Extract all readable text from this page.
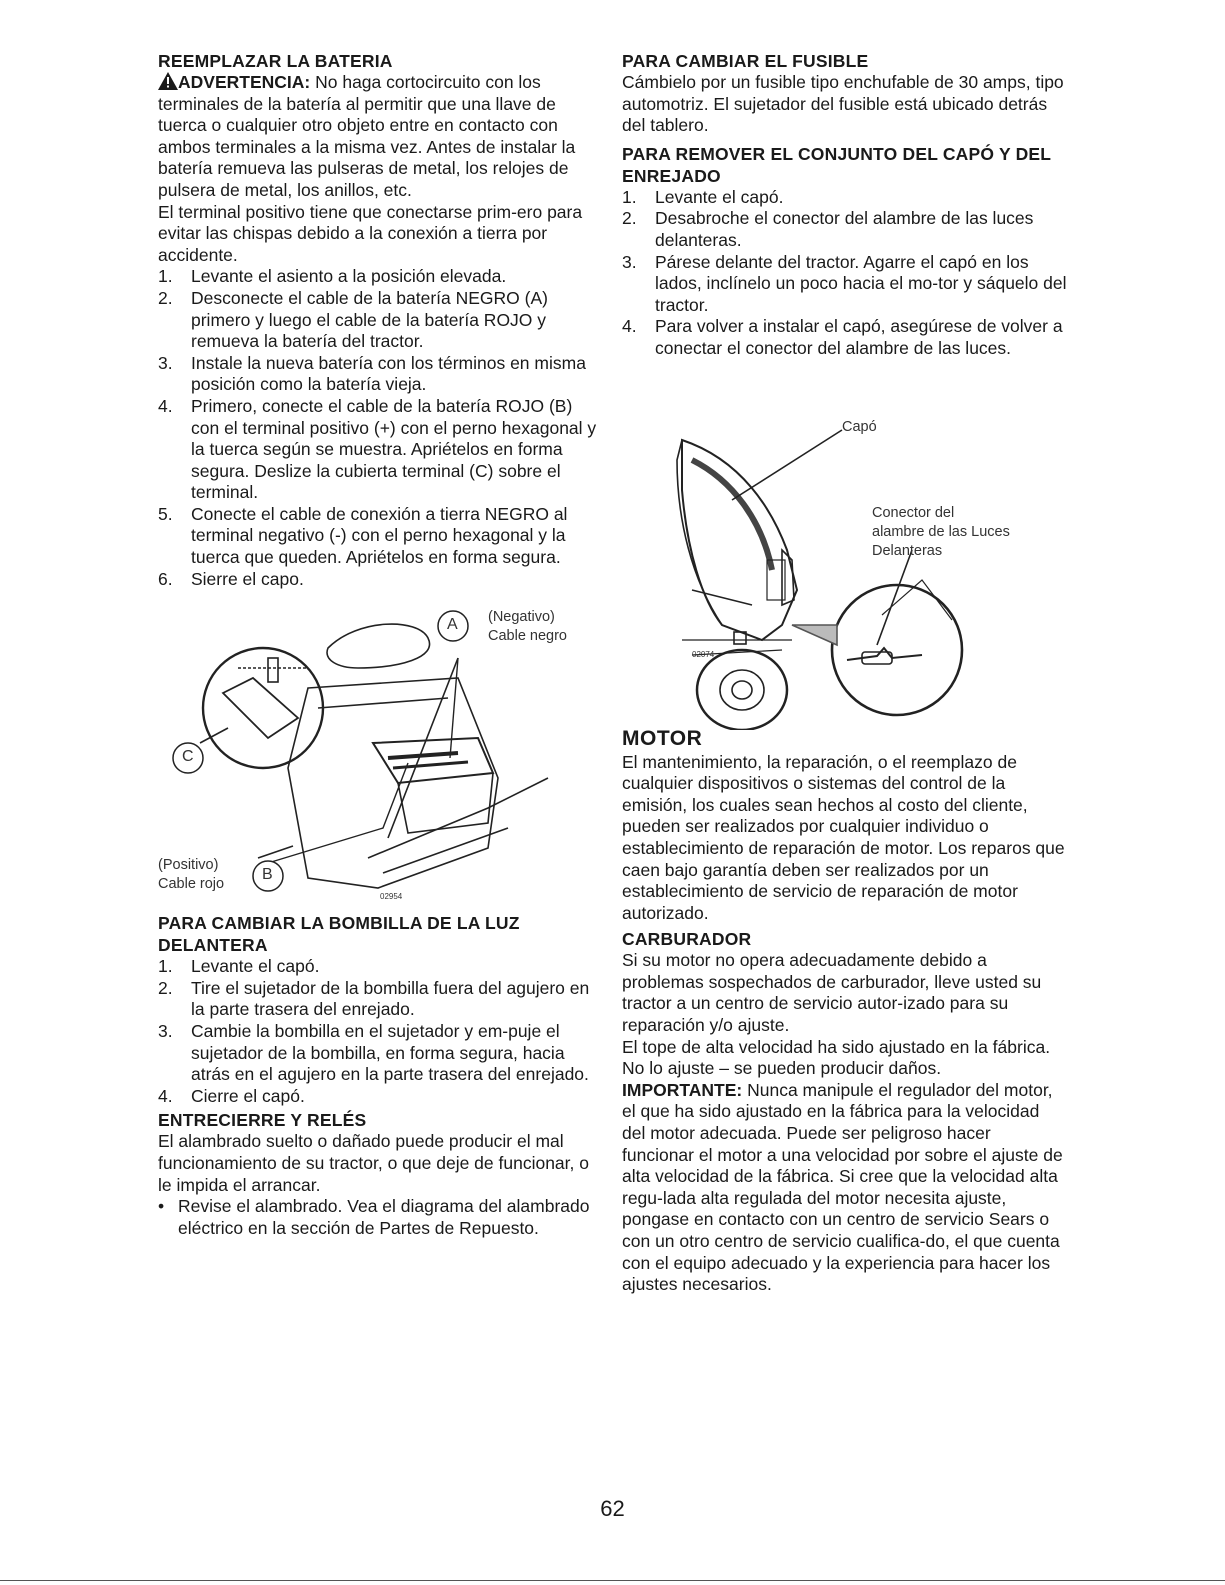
REEMPLAZAR LA BATERIA

ADVERTENCIA: No haga cortocircuito con los terminales de la batería al permitir que una llave de tuerca o cualquier otro objeto entre en contacto con ambos terminales a la misma vez. Antes de instalar la batería remueva las pulseras de metal, los relojes de pulsera de metal, los anillos, etc.

El terminal positivo tiene que conectarse prim-ero para evitar las chispas debido a la conexión a tierra por accidente.

1. Levante el asiento a la posición elevada.
2. Desconecte el cable de la batería NEGRO (A) primero y luego el cable de la batería ROJO y remueva la batería del tractor.
3. Instale la nueva batería con los términos en misma posición como la batería vieja.
4. Primero, conecte el cable de la batería ROJO (B) con el terminal positivo (+) con el perno hexagonal y la tuerca según se muestra. Apriételos en forma segura. Deslize la cubierta terminal (C) sobre el terminal.
5. Conecte el cable de conexión a tierra NEGRO al terminal negativo (-) con el perno hexagonal y la tuerca que queden. Apriételos en forma segura.
6. Sierre el capo.
A
C
B
(Negativo)
Cable negro
(Positivo)
Cable rojo
02954
PARA CAMBIAR LA BOMBILLA DE LA LUZ DELANTERA
1. Levante el capó.
2. Tire el sujetador de la bombilla fuera del agujero en la parte trasera del enrejado.
3. Cambie la bombilla en el sujetador y em-puje el sujetador de la bombilla, en forma segura, hacia atrás en el agujero en la parte trasera del enrejado.
4. Cierre el capó.
ENTRECIERRE Y RELÉS

El alambrado suelto o dañado puede producir el mal funcionamiento de su tractor, o que deje de funcionar, o le impida el arrancar.

• Revise el alambrado. Vea el diagrama del alambrado eléctrico en la sección de Partes de Repuesto.
PARA CAMBIAR EL FUSIBLE

Cámbielo por un fusible tipo enchufable de 30 amps, tipo automotriz. El sujetador del fusible está ubicado detrás del tablero.

PARA REMOVER EL CONJUNTO DEL CAPÓ Y DEL ENREJADO
1. Levante el capó.
2. Desabroche el conector del alambre de las luces delanteras.
3. Párese delante del tractor. Agarre el capó en los lados, inclínelo un poco hacia el mo-tor y sáquelo del tractor.
4. Para volver a instalar el capó, asegúrese de volver a conectar el conector del alambre de las luces.
Capó
Conector del
alambre de las Luces
Delanteras
02074
MOTOR

El mantenimiento, la reparación, o el reemplazo de cualquier dispositivos o sistemas del control de la emisión, los cuales sean hechos al costo del cliente, pueden ser realizados por cualquier individuo o establecimiento de reparación de motor. Los reparos que caen bajo garantía deben ser realizados por un establecimiento de servicio de reparación de motor autorizado.

CARBURADOR

Si su motor no opera adecuadamente debido a problemas sospechados de carburador, lleve usted su tractor a un centro de servicio autor-izado para su reparación y/o ajuste.

El tope de alta velocidad ha sido ajustado en la fábrica. No lo ajuste – se pueden producir daños.

IMPORTANTE: Nunca manipule el regulador del motor, el que ha sido ajustado en la fábrica para la velocidad del motor adecuada. Puede ser peligroso hacer funcionar el motor a una velocidad por sobre el ajuste de alta velocidad de la fábrica. Si cree que la velocidad alta regu-lada alta regulada del motor necesita ajuste, pongase en contacto con un centro de servicio Sears o con un otro centro de servicio cualifica-do, el que cuenta con el equipo adecuado y la experiencia para hacer los ajustes necesarios.

62
